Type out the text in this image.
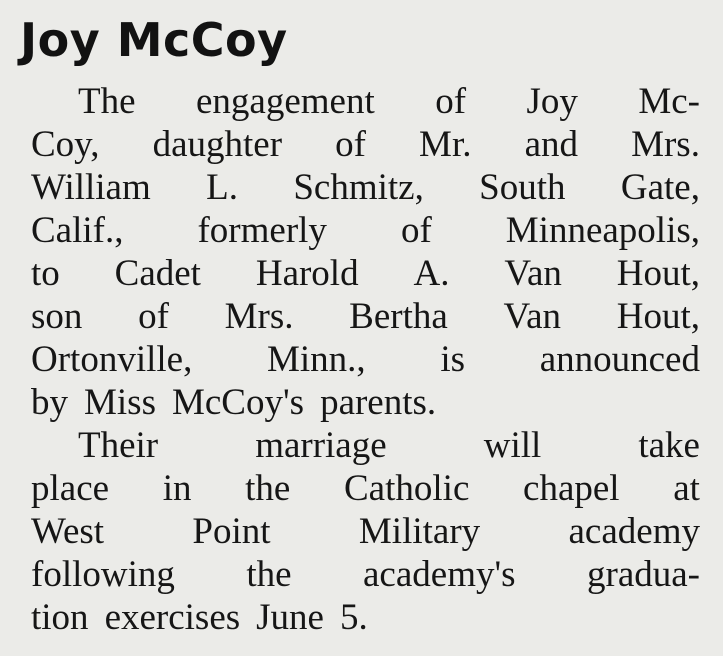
Joy McCoy
The engagement of Joy Mc-
Coy, daughter of Mr. and Mrs.
William L. Schmitz, South Gate,
Calif., formerly of Minneapolis,
to Cadet Harold A. Van Hout,
son of Mrs. Bertha Van Hout,
Ortonville, Minn., is announced
by Miss McCoy's parents.
Their	marriage	will	take
place in the Catholic chapel at
West Point Military academy
following the academy's gradua-
tion exercises June 5.
